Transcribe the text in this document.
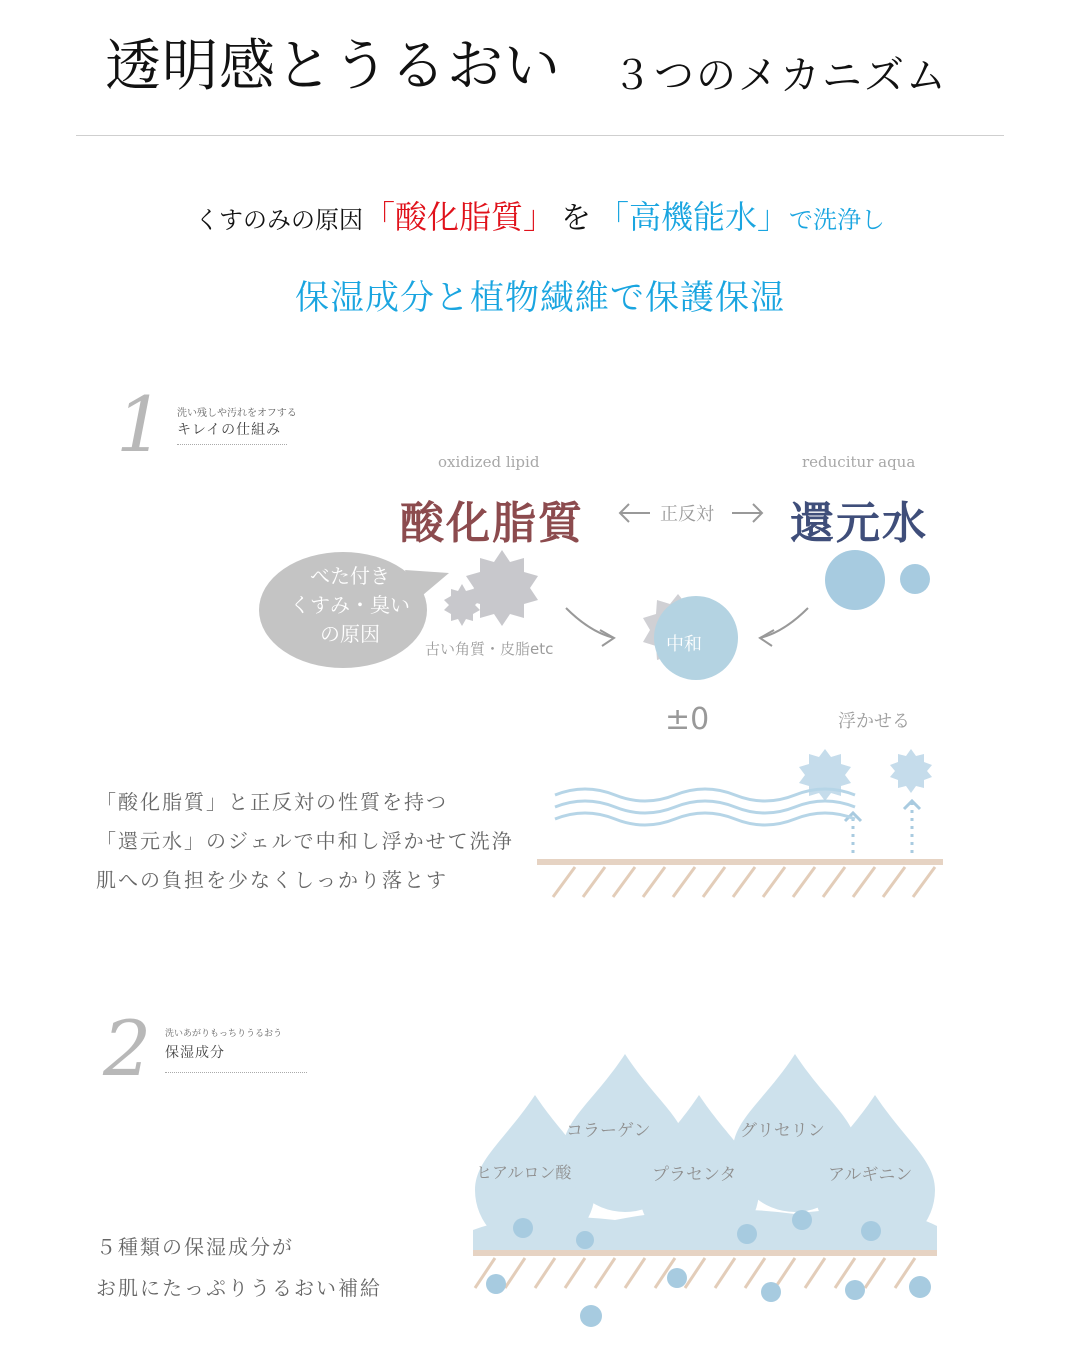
透明感とうるおい ３つのメカニズム
くすのみの原因「酸化脂質」 を 「高機能水」で洗浄し
保湿成分と植物繊維で保護保湿
1 洗い残しや汚れをオフする
キレイの仕組み
oxidized lipid	reducitur aqua
酸化脂質	還元水
正反対
べた付き
くすみ・臭い
の原因
古い角質・皮脂etc	中和
±0	浮かせる
「酸化脂質」と正反対の性質を持つ
「還元水」のジェルで中和し浮かせて洗浄
肌への負担を少なくしっかり落とす
2 洗いあがりもっちりうるおう
保湿成分
コラーゲン	グリセリン
ヒアルロン酸	プラセンタ	アルギニン
５種類の保湿成分が
お肌にたっぷりうるおい補給
